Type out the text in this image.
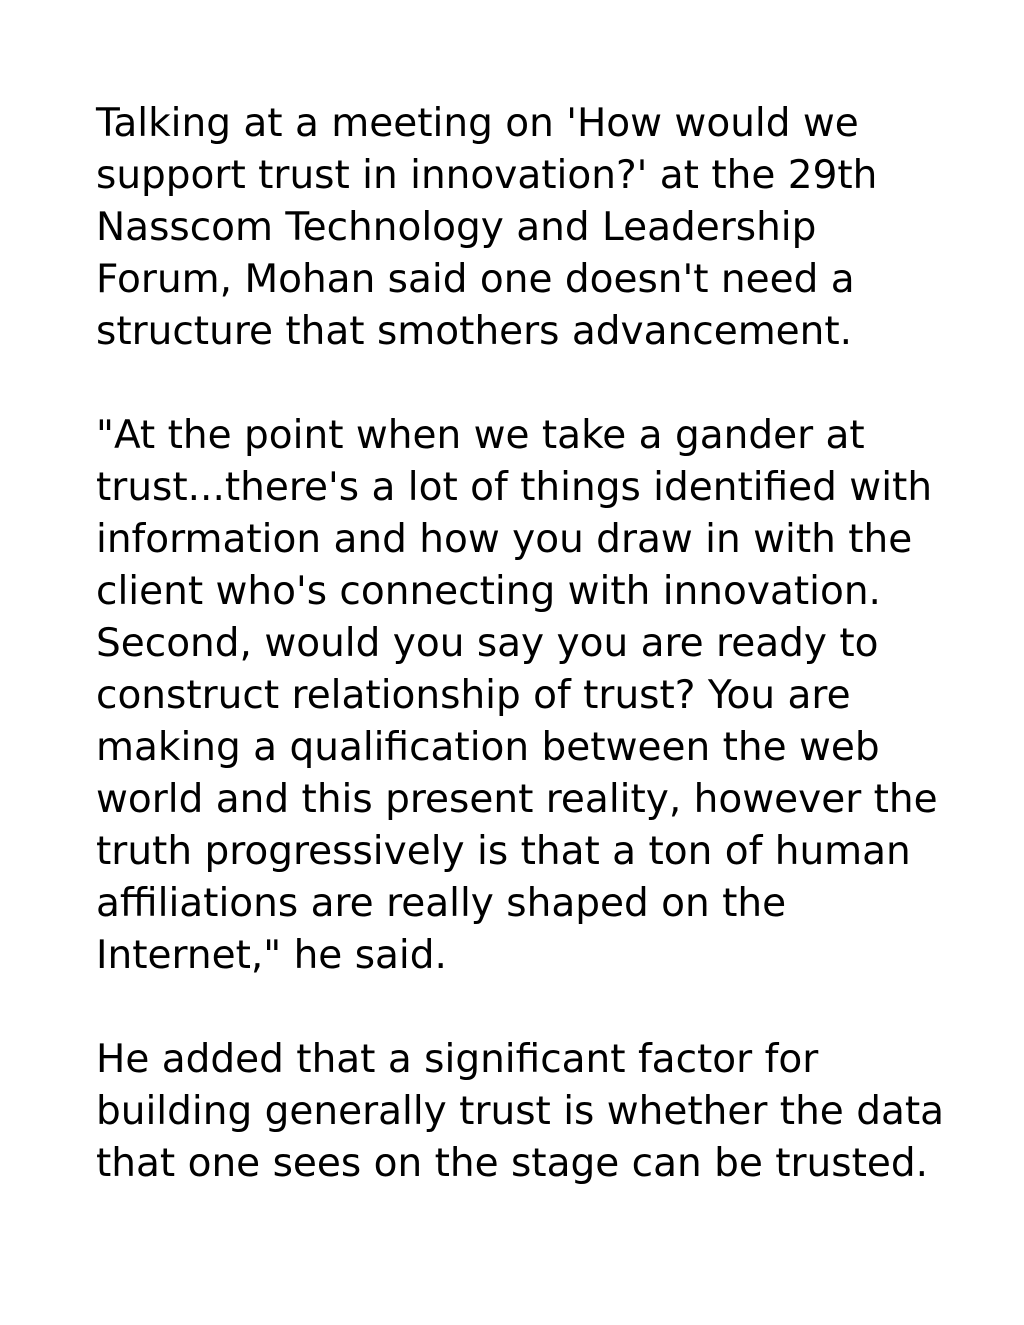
Talking at a meeting on 'How would we
support trust in innovation?' at the 29th
Nasscom Technology and Leadership
Forum, Mohan said one doesn't need a
structure that smothers advancement.

"At the point when we take a gander at
trust...there's a lot of things identified with
information and how you draw in with the
client who's connecting with innovation.
Second, would you say you are ready to
construct relationship of trust? You are
making a qualification between the web
world and this present reality, however the
truth progressively is that a ton of human
affiliations are really shaped on the
Internet," he said.

He added that a significant factor for
building generally trust is whether the data
that one sees on the stage can be trusted.
